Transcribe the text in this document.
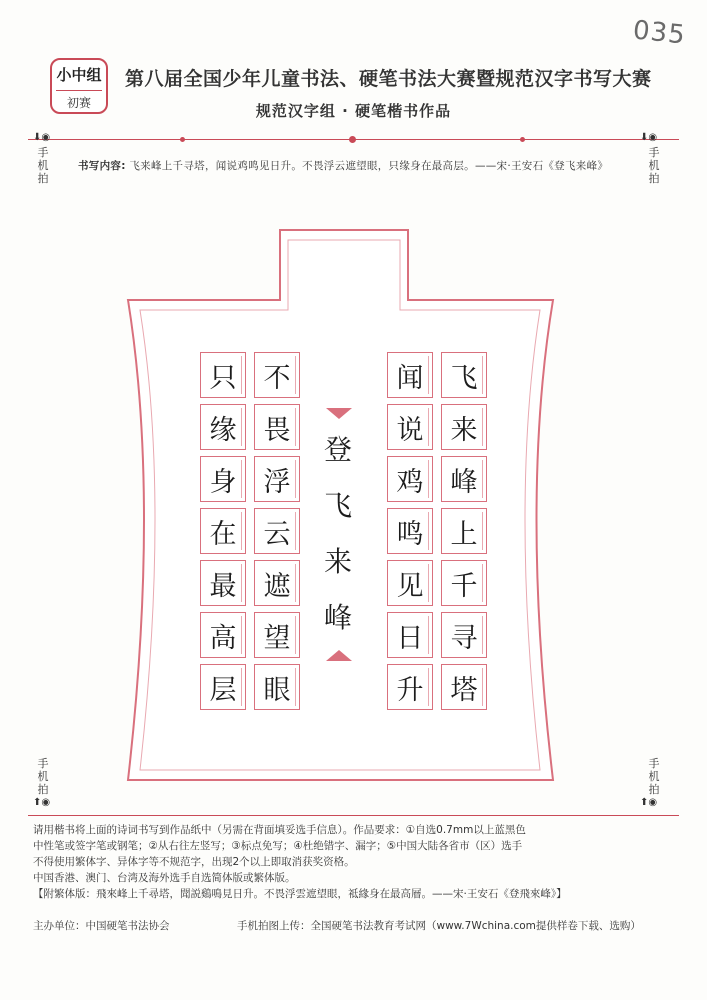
035
小中组
初赛
第八届全国少年儿童书法、硬笔书法大赛暨规范汉字书写大赛
规范汉字组 · 硬笔楷书作品
⬇◉
手机拍
⬇◉
手机拍
手机拍
⬆◉
手机拍
⬆◉
书写内容: 飞来峰上千寻塔，闻说鸡鸣见日升。不畏浮云遮望眼，只缘身在最高层。——宋·王安石《登飞来峰》
飞
来
峰
上
千
寻
塔
闻
说
鸡
鸣
见
日
升
不
畏
浮
云
遮
望
眼
只
缘
身
在
最
高
层
登
飞
来
峰

请用楷书将上面的诗词书写到作品纸中（另需在背面填妥选手信息）。作品要求：①自选0.7mm以上蓝黑色

中性笔或签字笔或钢笔；②从右往左竖写；③标点免写；④杜绝错字、漏字；⑤中国大陆各省市（区）选手

不得使用繁体字、异体字等不规范字，出现2个以上即取消获奖资格。

中国香港、澳门、台湾及海外选手自选简体版或繁体版。

【附繁体版：飛來峰上千尋塔，聞説鷄鳴見日升。不畏浮雲遮望眼，祗緣身在最高層。——宋·王安石《登飛來峰》】

主办单位：中国硬笔书法协会	手机拍图上传：全国硬笔书法教育考试网（www.7Wchina.com提供样卷下载、选购）
